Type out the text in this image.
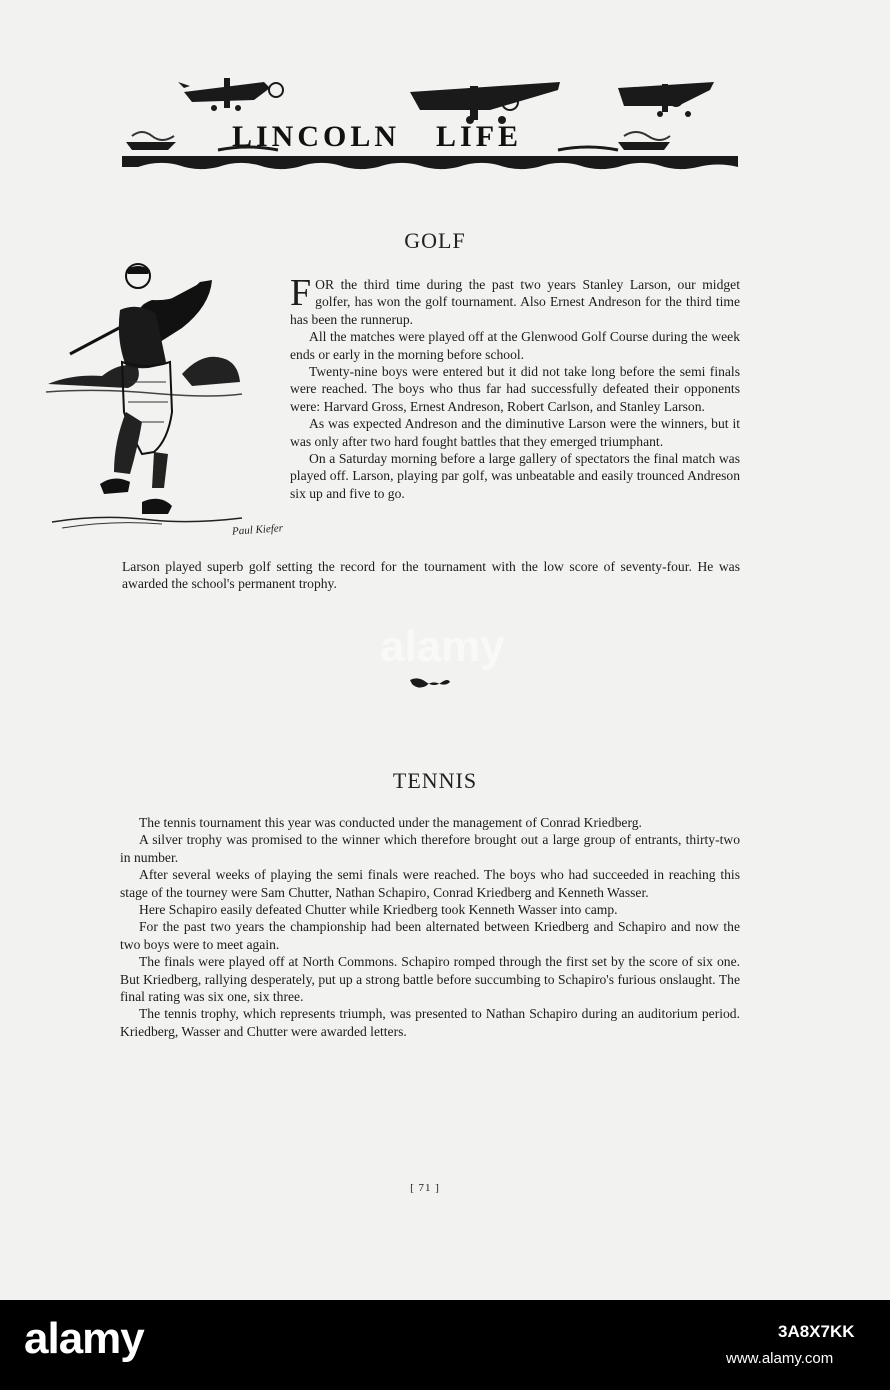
LINCOLN LIFE
GOLF
Paul Kiefer

FOR the third time during the past two years Stanley Larson, our midget golfer, has won the golf tournament. Also Ernest Andreson for the third time has been the runnerup.

All the matches were played off at the Glenwood Golf Course during the week ends or early in the morning before school.

Twenty-nine boys were entered but it did not take long before the semi finals were reached. The boys who thus far had successfully defeated their opponents were: Harvard Gross, Ernest Andreson, Robert Carlson, and Stanley Larson.

As was expected Andreson and the diminutive Larson were the winners, but it was only after two hard fought battles that they emerged triumphant.

On a Saturday morning before a large gallery of spectators the final match was played off. Larson, playing par golf, was unbeatable and easily trounced Andreson six up and five to go.

Larson played superb golf setting the record for the tournament with the low score of seventy-four. He was awarded the school's permanent trophy.

alamy
TENNIS

The tennis tournament this year was conducted under the management of Conrad Kriedberg.

A silver trophy was promised to the winner which therefore brought out a large group of entrants, thirty-two in number.

After several weeks of playing the semi finals were reached. The boys who had succeeded in reaching this stage of the tourney were Sam Chutter, Nathan Schapiro, Conrad Kriedberg and Kenneth Wasser.

Here Schapiro easily defeated Chutter while Kriedberg took Kenneth Wasser into camp.

For the past two years the championship had been alternated between Kriedberg and Schapiro and now the two boys were to meet again.

The finals were played off at North Commons. Schapiro romped through the first set by the score of six one. But Kriedberg, rallying desperately, put up a strong battle before succumbing to Schapiro's furious onslaught. The final rating was six one, six three.

The tennis trophy, which represents triumph, was presented to Nathan Schapiro during an auditorium period. Kriedberg, Wasser and Chutter were awarded letters.

[ 71 ]
alamy	3A8X7KK
www.alamy.com
